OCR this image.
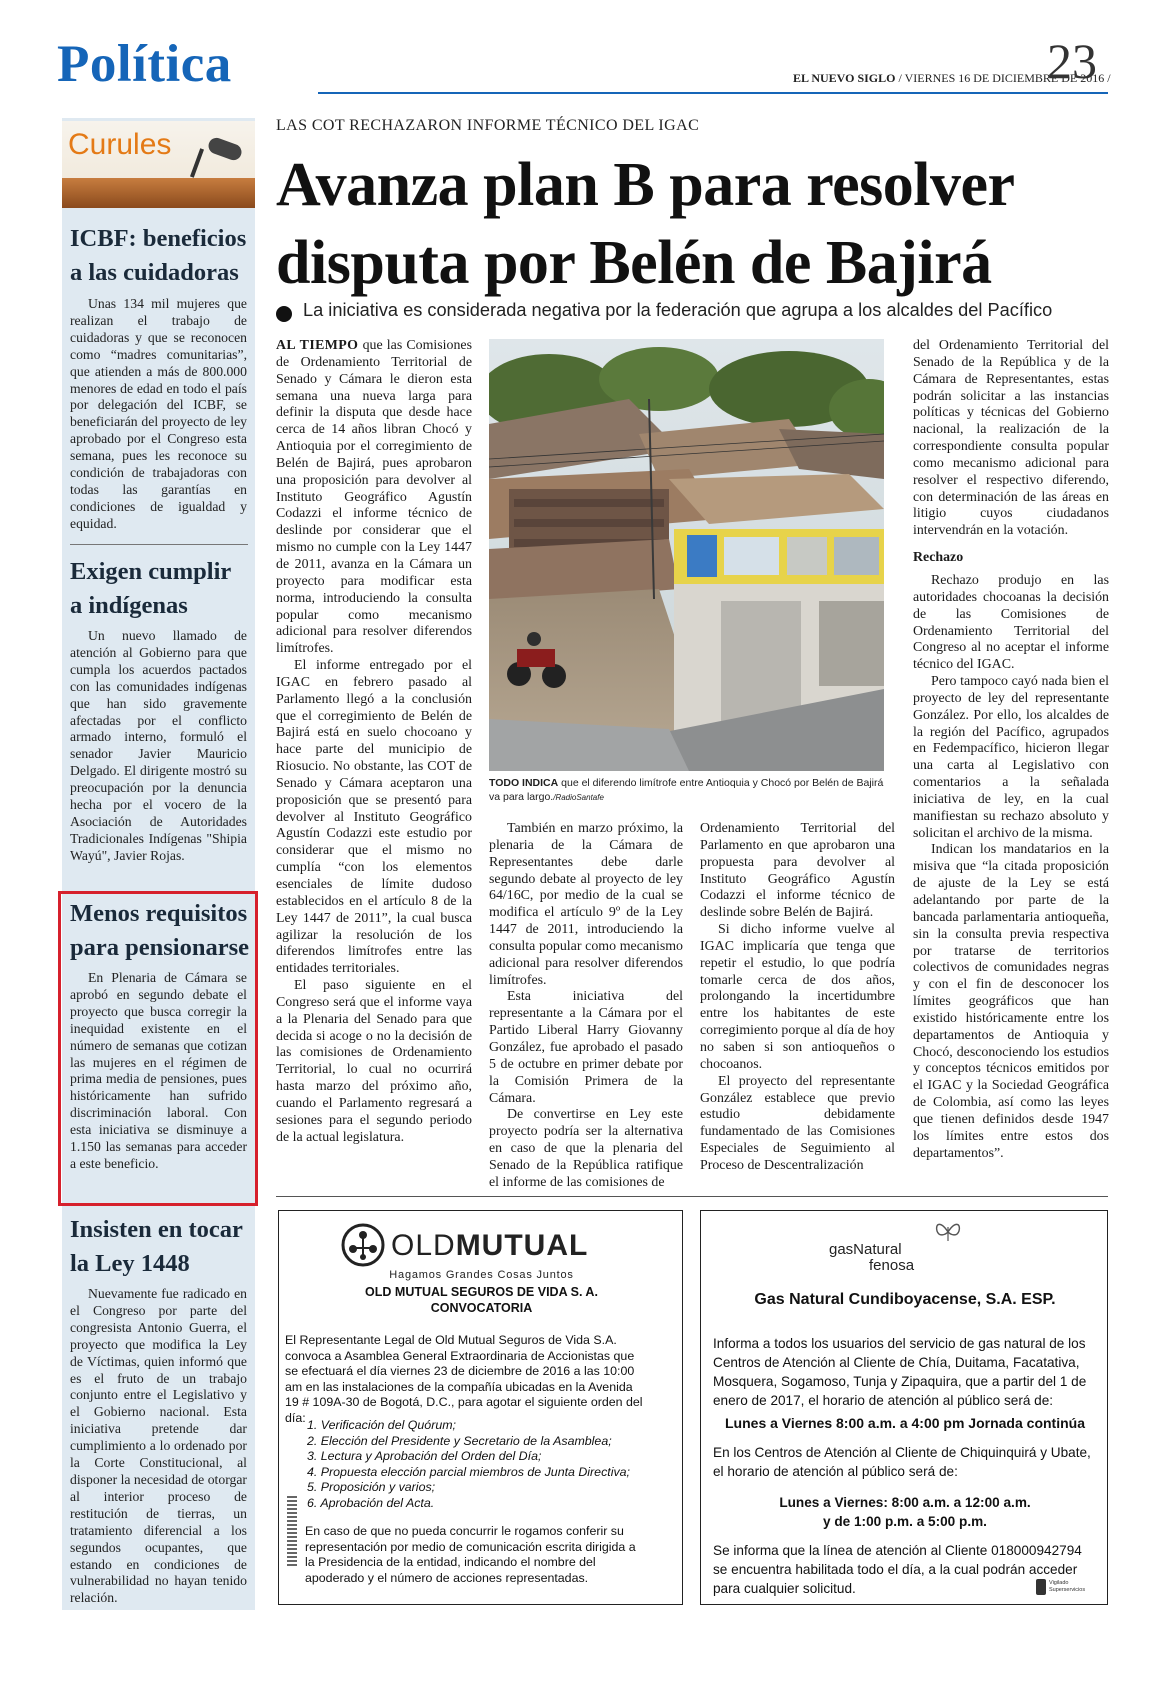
Política	EL NUEVO SIGLO / VIERNES 16 DE DICIEMBRE DE 2016 /
23
Curules
ICBF: beneficios
a las cuidadoras

Unas 134 mil mujeres que realizan el trabajo de cuidadoras y que se reconocen como “madres comunitarias”, que atienden a más de 800.000 menores de edad en todo el país por delegación del ICBF, se beneficiarán del proyecto de ley aprobado por el Congreso esta semana, pues les reconoce su condición de trabajadoras con todas las garantías en condiciones de igualdad y equidad.

Exigen cumplir
a indígenas

Un nuevo llamado de atención al Gobierno para que cumpla los acuerdos pactados con las comunidades indígenas que han sido gravemente afectadas por el conflicto armado interno, formuló el senador Javier Mauricio Delgado. El dirigente mostró su preocupación por la denuncia hecha por el vocero de la Asociación de Autoridades Tradicionales Indígenas "Shipia Wayú", Javier Rojas.

Menos requisitos
para pensionarse

En Plenaria de Cámara se aprobó en segundo debate el proyecto que busca corregir la inequidad existente en el número de semanas que cotizan las mujeres en el régimen de prima media de pensiones, pues históricamente han sufrido discriminación laboral. Con esta iniciativa se disminuye a 1.150 las semanas para acceder a este beneficio.

Insisten en tocar
la Ley 1448

Nuevamente fue radicado en el Congreso por parte del congresista Antonio Guerra, el proyecto que modifica la Ley de Víctimas, quien informó que es el fruto de un trabajo conjunto entre el Legislativo y el Gobierno nacional. Esta iniciativa pretende dar cumplimiento a lo ordenado por la Corte Constitucional, al disponer la necesidad de otorgar al interior proceso de restitución de tierras, un tratamiento diferencial a los segundos ocupantes, que estando en condiciones de vulnerabilidad no hayan tenido relación.

LAS COT RECHAZARON INFORME TÉCNICO DEL IGAC
Avanza plan B para resolver
disputa por Belén de Bajirá
La iniciativa es considerada negativa por la federación que agrupa a los alcaldes del Pacífico

AL TIEMPO que las Comisiones de Ordenamiento Territorial de Senado y Cámara le dieron esta semana una nueva larga para definir la disputa que desde hace cerca de 14 años libran Chocó y Antioquia por el corregimiento de Belén de Bajirá, pues aprobaron una proposición para devolver al Instituto Geográfico Agustín Codazzi el informe técnico de deslinde por considerar que el mismo no cumple con la Ley 1447 de 2011, avanza en la Cámara un proyecto para modificar esta norma, introduciendo la consulta popular como mecanismo adicional para resolver diferendos limítrofes.

El informe entregado por el IGAC en febrero pasado al Parlamento llegó a la conclusión que el corregimiento de Belén de Bajirá está en suelo chocoano y hace parte del municipio de Riosucio. No obstante, las COT de Senado y Cámara aceptaron una proposición que se presentó para devolver al Instituto Geográfico Agustín Codazzi este estudio por considerar que el mismo no cumplía “con los elementos esenciales de límite dudoso establecidos en el artículo 8 de la Ley 1447 de 2011”, la cual busca agilizar la resolución de los diferendos limítrofes entre las entidades territoriales.

El paso siguiente en el Congreso será que el informe vaya a la Plenaria del Senado para que decida si acoge o no la decisión de las comisiones de Ordenamiento Territorial, lo cual no ocurrirá hasta marzo del próximo año, cuando el Parlamento regresará a sesiones para el segundo periodo de la actual legislatura.

TODO INDICA que el diferendo limítrofe entre Antioquia y Chocó por Belén de Bajirá va para largo./RadioSantafe

También en marzo próximo, la plenaria de la Cámara de Representantes debe darle segundo debate al proyecto de ley 64/16C, por medio de la cual se modifica el artículo 9º de la Ley 1447 de 2011, introduciendo la consulta popular como mecanismo adicional para resolver diferendos limítrofes.

Esta iniciativa del representante a la Cámara por el Partido Liberal Harry Giovanny González, fue aprobado el pasado 5 de octubre en primer debate por la Comisión Primera de la Cámara.

De convertirse en Ley este proyecto podría ser la alternativa en caso de que la plenaria del Senado de la República ratifique el informe de las comisiones de

Ordenamiento Territorial del Parlamento en que aprobaron una propuesta para devolver al Instituto Geográfico Agustín Codazzi el informe técnico de deslinde sobre Belén de Bajirá.

Si dicho informe vuelve al IGAC implicaría que tenga que repetir el estudio, lo que podría tomarle cerca de dos años, prolongando la incertidumbre entre los habitantes de este corregimiento porque al día de hoy no saben si son antioqueños o chocoanos.

El proyecto del representante González establece que previo estudio debidamente fundamentado de las Comisiones Especiales de Seguimiento al Proceso de Descentralización

del Ordenamiento Territorial del Senado de la República y de la Cámara de Representantes, estas podrán solicitar a las instancias políticas y técnicas del Gobierno nacional, la realización de la correspondiente consulta popular como mecanismo adicional para resolver el respectivo diferendo, con determinación de las áreas en litigio cuyos ciudadanos intervendrán en la votación.

Rechazo

Rechazo produjo en las autoridades chocoanas la decisión de las Comisiones de Ordenamiento Territorial del Congreso al no aceptar el informe técnico del IGAC.

Pero tampoco cayó nada bien el proyecto de ley del representante González. Por ello, los alcaldes de la región del Pacífico, agrupados en Fedempacífico, hicieron llegar una carta al Legislativo con comentarios a la señalada iniciativa de ley, en la cual manifiestan su rechazo absoluto y solicitan el archivo de la misma.

Indican los mandatarios en la misiva que “la citada proposición de ajuste de la Ley se está adelantando por parte de la bancada parlamentaria antioqueña, sin la consulta previa respectiva por tratarse de territorios colectivos de comunidades negras y con el fin de desconocer los límites geográficos que han existido históricamente entre los departamentos de Antioquia y Chocó, desconociendo los estudios y conceptos técnicos emitidos por el IGAC y la Sociedad Geográfica de Colombia, así como las leyes que tienen definidos desde 1947 los límites entre estos dos departamentos”.

OLDMUTUAL
Hagamos Grandes Cosas Juntos
OLD MUTUAL SEGUROS DE VIDA S. A.
CONVOCATORIA
El Representante Legal de Old Mutual Seguros de Vida S.A. convoca a Asamblea General Extraordinaria de Accionistas que se efectuará el día viernes 23 de diciembre de 2016 a las 10:00 am en las instalaciones de la compañía ubicadas en la Avenida 19 # 109A-30 de Bogotá, D.C., para agotar el siguiente orden del día:
1. Verificación del Quórum;
2. Elección del Presidente y Secretario de la Asamblea;
3. Lectura y Aprobación del Orden del Día;
4. Propuesta elección parcial miembros de Junta Directiva;
5. Proposición y varios;
6. Aprobación del Acta.
En caso de que no pueda concurrir le rogamos conferir su representación por medio de comunicación escrita dirigida a la Presidencia de la entidad, indicando el nombre del apoderado y el número de acciones representadas.
gasNatural
fenosa
Gas Natural Cundiboyacense, S.A. ESP.
Informa a todos los usuarios del servicio de gas natural de los Centros de Atención al Cliente de Chía, Duitama, Facatativa, Mosquera, Sogamoso, Tunja y Zipaquira, que a partir del 1 de enero de 2017, el horario de atención al público será de:
Lunes a Viernes 8:00 a.m. a 4:00 pm Jornada continúa
En los Centros de Atención al Cliente de Chiquinquirá y Ubate, el horario de atención al público será de:
Lunes a Viernes: 8:00 a.m. a 12:00 a.m.
y de 1:00 p.m. a 5:00 p.m.
Se informa que la línea de atención al Cliente 018000942794 se encuentra habilitada todo el día, a la cual podrán acceder para cualquier solicitud.	Vigilado Superservicios
